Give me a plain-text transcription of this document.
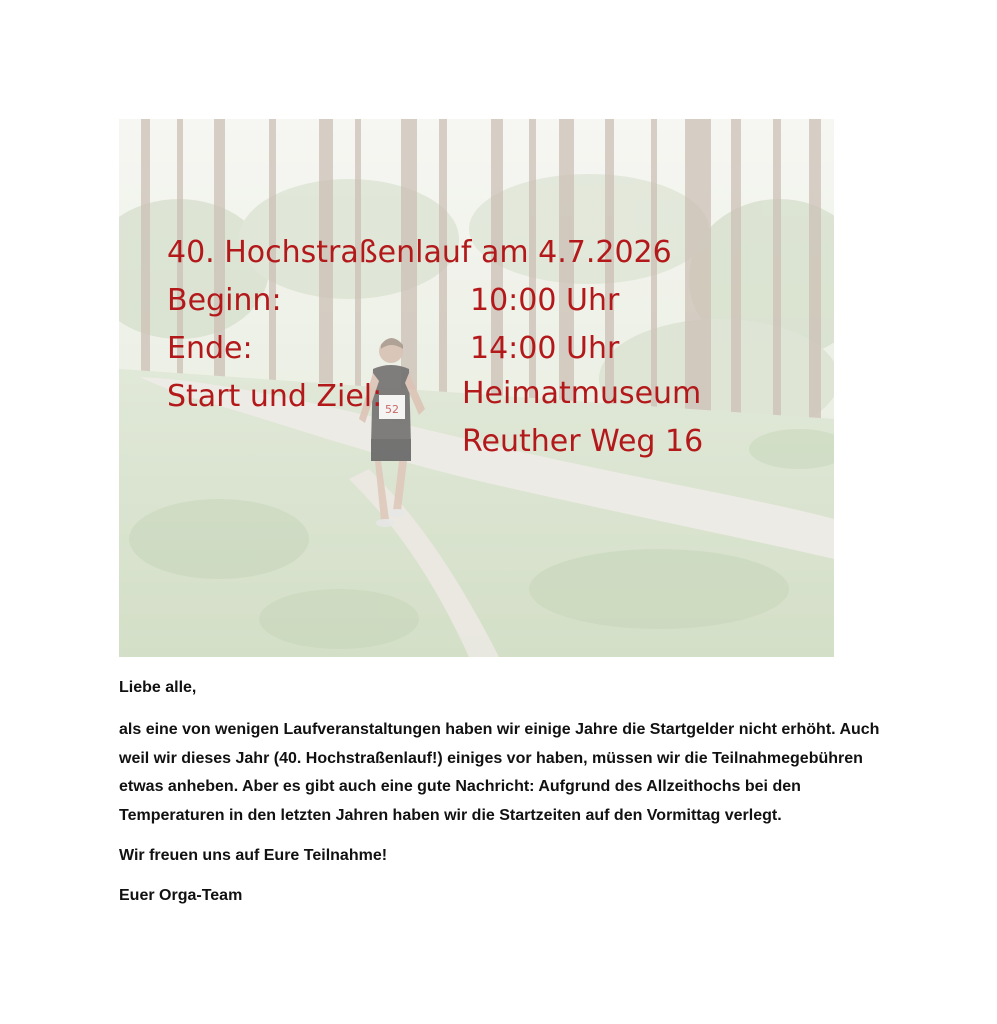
52
40. Hochstraßenlauf am 4.7.2026
Beginn:	10:00 Uhr
Ende:	14:00 Uhr
Start und Ziel:	Heimatmuseum
Reuther Weg 16

Liebe alle,

als eine von wenigen Laufveranstaltungen haben wir einige Jahre die Startgelder nicht erhöht. Auch weil wir dieses Jahr (40. Hochstraßenlauf!) einiges vor haben, müssen wir die Teilnahmegebühren etwas anheben. Aber es gibt auch eine gute Nachricht: Aufgrund des Allzeithochs bei den Temperaturen in den letzten Jahren haben wir die Startzeiten auf den Vormittag verlegt.

Wir freuen uns auf Eure Teilnahme!

Euer Orga-Team
